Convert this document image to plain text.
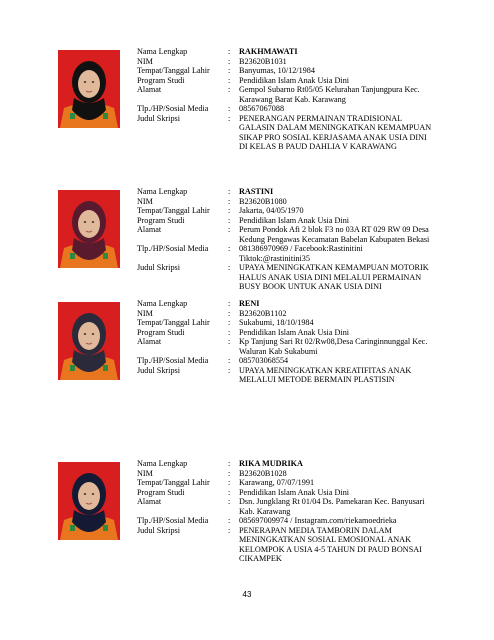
Nama Lengkap	:	RAKHMAWATI
NIM	:	B23620B1031
Tempat/Tanggal Lahir	:	Banyumas, 10/12/1984
Program Studi	:	Pendidikan Islam Anak Usia Dini
Alamat	:	Gempol Subarno Rt05/05 Kelurahan Tanjungpura Kec.
Karawang Barat Kab. Karawang
Tlp./HP/Sosial Media	:	08567067088
Judul Skripsi	:	PENERANGAN PERMAINAN TRADISIONAL
GALASIN DALAM MENINGKATKAN KEMAMPUAN
SIKAP PRO SOSIAL KERJASAMA ANAK USIA DINI
DI KELAS B PAUD DAHLIA V KARAWANG
Nama Lengkap	:	RASTINI
NIM	:	B23620B1080
Tempat/Tanggal Lahir	:	Jakarta, 04/05/1970
Program Studi	:	Pendidikan Islam Anak Usia Dini
Alamat	:	Perum Pondok Afi 2 blok F3 no 03A RT 029 RW 09 Desa
Kedung Pengawas Kecamatan Babelan Kabupaten Bekasi
Tlp./HP/Sosial Media	:	081386970969 / Facebook:Rastinitini
Tiktok:@rastinitini35
Judul Skripsi	:	UPAYA MENINGKATKAN KEMAMPUAN MOTORIK
HALUS ANAK USIA DINI MELALUI PERMAINAN
BUSY BOOK UNTUK ANAK USIA DINI
Nama Lengkap	:	RENI
NIM	:	B23620B1102
Tempat/Tanggal Lahir	:	Sukabumi, 18/10/1984
Program Studi	:	Pendidikan Islam Anak Usia Dini
Alamat	:	Kp Tanjung Sari Rt 02/Rw08,Desa Caringinnunggal Kec.
Waluran Kab Sukabumi
Tlp./HP/Sosial Media	:	085703068554
Judul Skripsi	:	UPAYA MENINGKATKAN KREATIFITAS ANAK
MELALUI METODE BERMAIN PLASTISIN
Nama Lengkap	:	RIKA MUDRIKA
NIM	:	B23620B1028
Tempat/Tanggal Lahir	:	Karawang, 07/07/1991
Program Studi	:	Pendidikan Islam Anak Usia Dini
Alamat	:	Dsn. Jungklang Rt 01/04 Ds. Pamekaran Kec. Banyusari
Kab. Karawang
Tlp./HP/Sosial Media	:	085697009974 / Instagram.com/riekamoedrieka
Judul Skripsi	:	PENERAPAN MEDIA TAMBORIN DALAM
MENINGKATKAN SOSIAL EMOSIONAL ANAK
KELOMPOK A USIA 4-5 TAHUN DI PAUD BONSAI
CIKAMPEK
43
